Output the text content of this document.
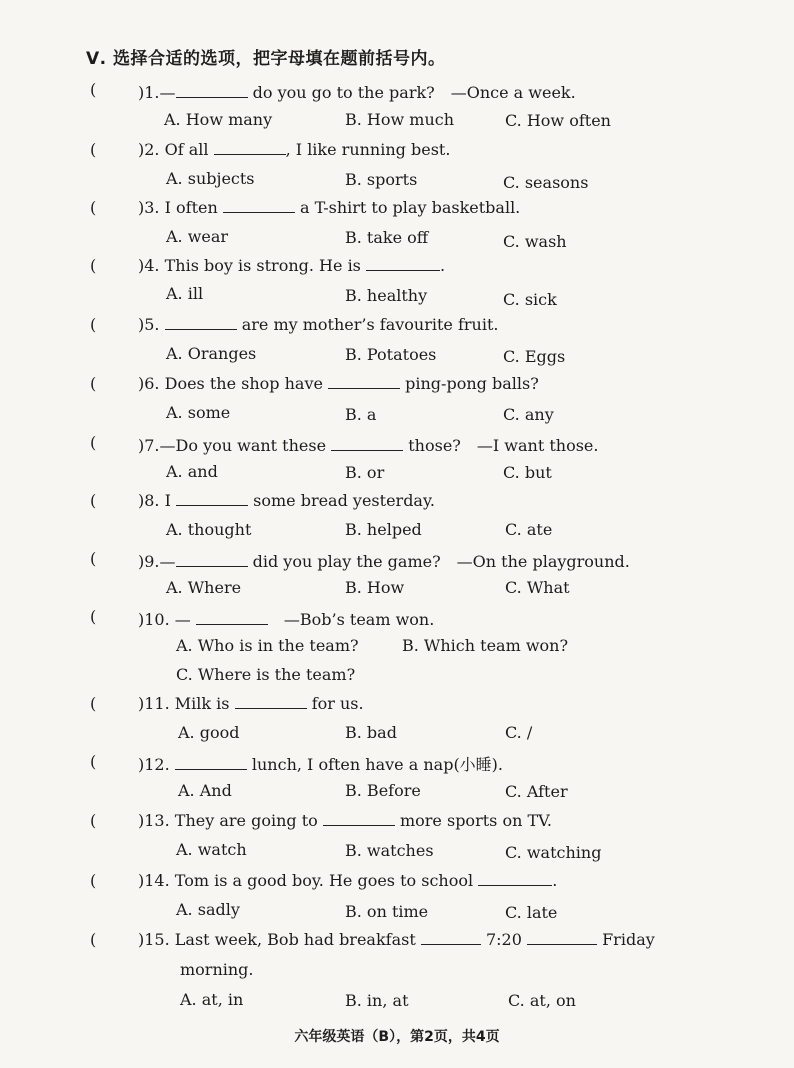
Ⅴ. 选择合适的选项，把字母填在题前括号内。
(	)1.—	do you go to the park?　—Once a week.
A. How many	B. How much	C. How often
(	)2. Of all	, I like running best.
A. subjects	B. sports	C. seasons
(	)3. I often	a T-shirt to play basketball.
A. wear	B. take off	C. wash
(	)4. This boy is strong. He is	.
A. ill	B. healthy	C. sick
(	)5.	are my mother’s favourite fruit.
A. Oranges	B. Potatoes	C. Eggs
(	)6. Does the shop have	ping-pong balls?
A. some	B. a	C. any
(	)7.—Do you want these	those?　—I want those.
A. and	B. or	C. but
(	)8. I	some bread yesterday.
A. thought	B. helped	C. ate
(	)9.—	did you play the game?　—On the playground.
A. Where	B. How	C. What
(	)10. — 　	—Bob’s team won.
A. Who is in the team?	B. Which team won?
C. Where is the team?
(	)11. Milk is	for us.
A. good	B. bad	C. /
(	)12.	lunch, I often have a nap(小睡).
A. And	B. Before	C. After
(	)13. They are going to	more sports on TV.
A. watch	B. watches	C. watching
(	)14. Tom is a good boy. He goes to school	.
A. sadly	B. on time	C. late
(	)15. Last week, Bob had breakfast	7:20	Friday
morning.
A. at, in	B. in, at	C. at, on
六年级英语（B），第2页，共4页
